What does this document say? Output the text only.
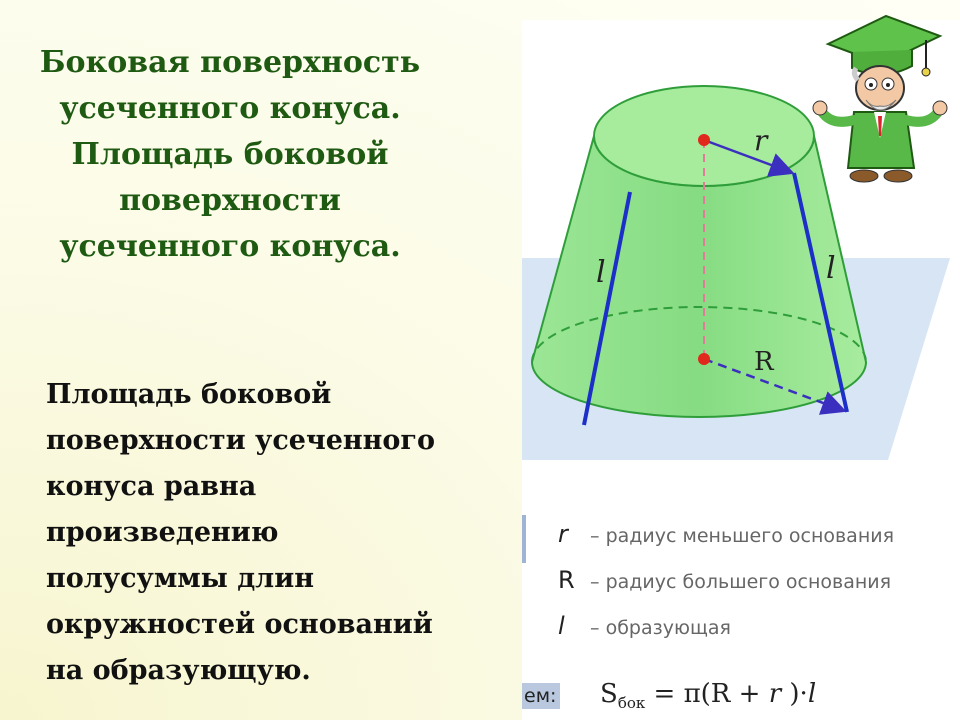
Боковая поверхность
усеченного конуса.
Площадь боковой
поверхности
усеченного конуса.
Площадь боковой
поверхности усеченного
конуса равна
произведению
полусуммы длин
окружностей оснований
на образующую.
r
R
l	l
r – радиус меньшего основания
R – радиус большего основания
l – образующая
ем: $S_{бок} = \pi(R + r$ )·l
